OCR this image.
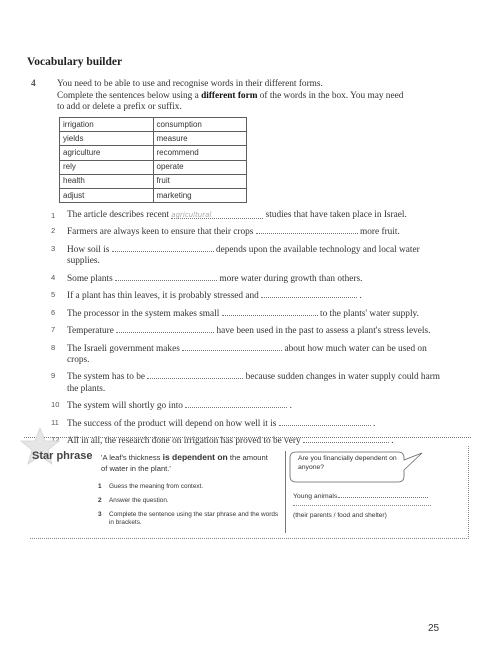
Vocabulary builder
4 You need to be able to use and recognise words in their different forms.
Complete the sentences below using a different form of the words in the box. You may need
to add or delete a prefix or suffix.
irrigation	consumption
yields	measure
agriculture	recommend
rely	operate
health	fruit
adjust	marketing
1	The article describes recent agricultural	studies that have taken place in Israel.
2	Farmers are always keen to ensure that their crops	more fruit.
3	How soil is	depends upon the available technology and local water supplies.
4	Some plants	more water during growth than others.
5	If a plant has thin leaves, it is probably stressed and	.
6	The processor in the system makes small	to the plants' water supply.
7	Temperature	have been used in the past to assess a plant's stress levels.
8	The Israeli government makes	about how much water can be used on crops.
9	The system has to be	because sudden changes in water supply could harm the plants.
10 The system will shortly go into	.
11 The success of the product will depend on how well it is	.
12 All in all, the research done on irrigation has proved to be very	.
Star phrase 'A leaf's thickness is dependent on the amount of water in the plant.'
1 Guess the meaning from context.
2 Answer the question.
3 Complete the sentence using the star phrase and the words in brackets.
Are you financially dependent on anyone?
Young animals
(their parents / food and shelter)
25
